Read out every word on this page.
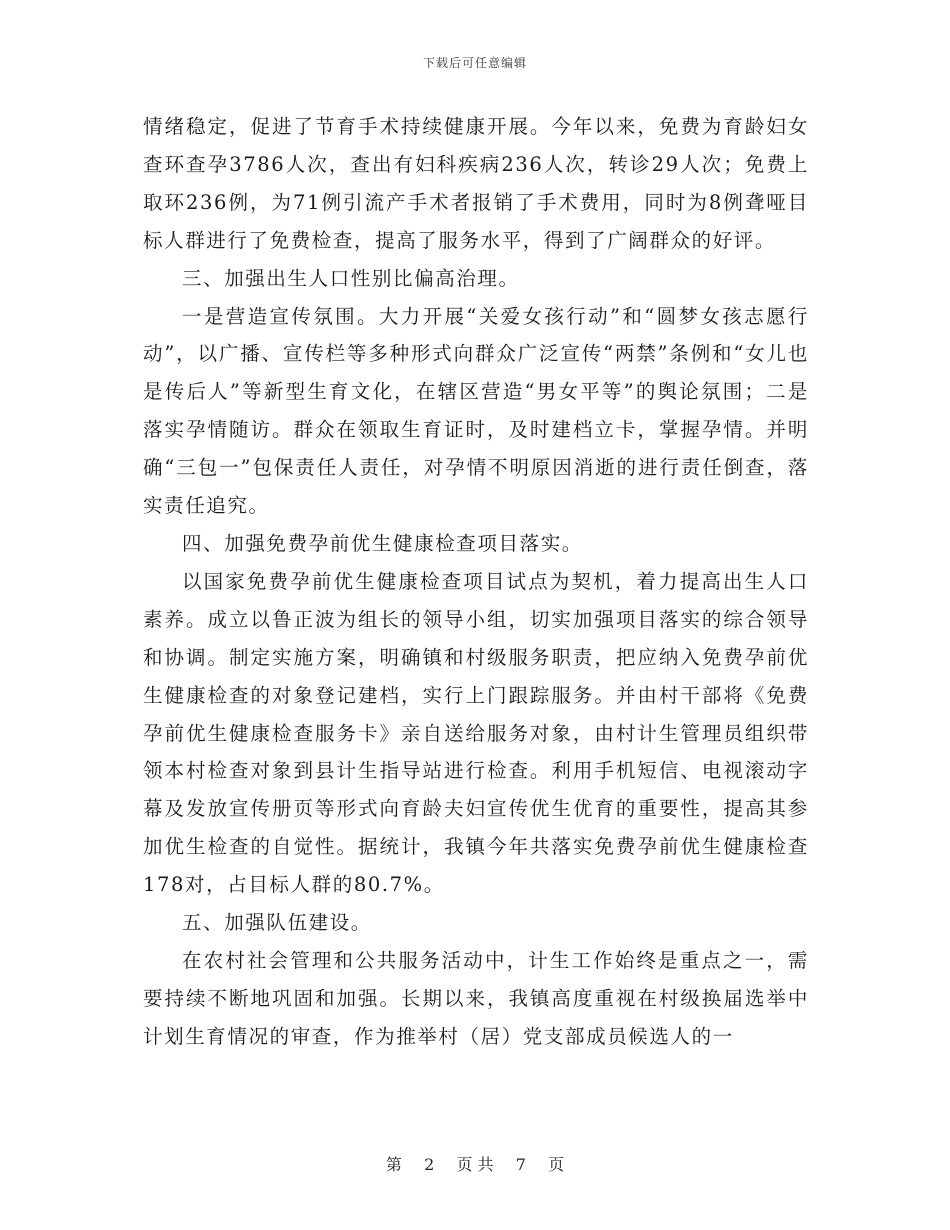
下载后可任意编辑

情绪稳定，促进了节育手术持续健康开展。今年以来，免费为育龄妇女查环查孕3786人次，查出有妇科疾病236人次，转诊29人次；免费上取环236例，为71例引流产手术者报销了手术费用，同时为8例聋哑目标人群进行了免费检查，提高了服务水平，得到了广阔群众的好评。

三、加强出生人口性别比偏高治理。

一是营造宣传氛围。大力开展“关爱女孩行动”和“圆梦女孩志愿行动”，以广播、宣传栏等多种形式向群众广泛宣传“两禁”条例和“女儿也是传后人”等新型生育文化，在辖区营造“男女平等”的舆论氛围；二是落实孕情随访。群众在领取生育证时，及时建档立卡，掌握孕情。并明确“三包一”包保责任人责任，对孕情不明原因消逝的进行责任倒查，落实责任追究。

四、加强免费孕前优生健康检查项目落实。

以国家免费孕前优生健康检查项目试点为契机，着力提高出生人口素养。成立以鲁正波为组长的领导小组，切实加强项目落实的综合领导和协调。制定实施方案，明确镇和村级服务职责，把应纳入免费孕前优生健康检查的对象登记建档，实行上门跟踪服务。并由村干部将《免费孕前优生健康检查服务卡》亲自送给服务对象，由村计生管理员组织带领本村检查对象到县计生指导站进行检查。利用手机短信、电视滚动字幕及发放宣传册页等形式向育龄夫妇宣传优生优育的重要性，提高其参加优生检查的自觉性。据统计，我镇今年共落实免费孕前优生健康检查178对，占目标人群的80.7%。

五、加强队伍建设。

在农村社会管理和公共服务活动中，计生工作始终是重点之一，需要持续不断地巩固和加强。长期以来，我镇高度重视在村级换届选举中计划生育情况的审查，作为推举村（居）党支部成员候选人的一

第 2 页 共 7 页
